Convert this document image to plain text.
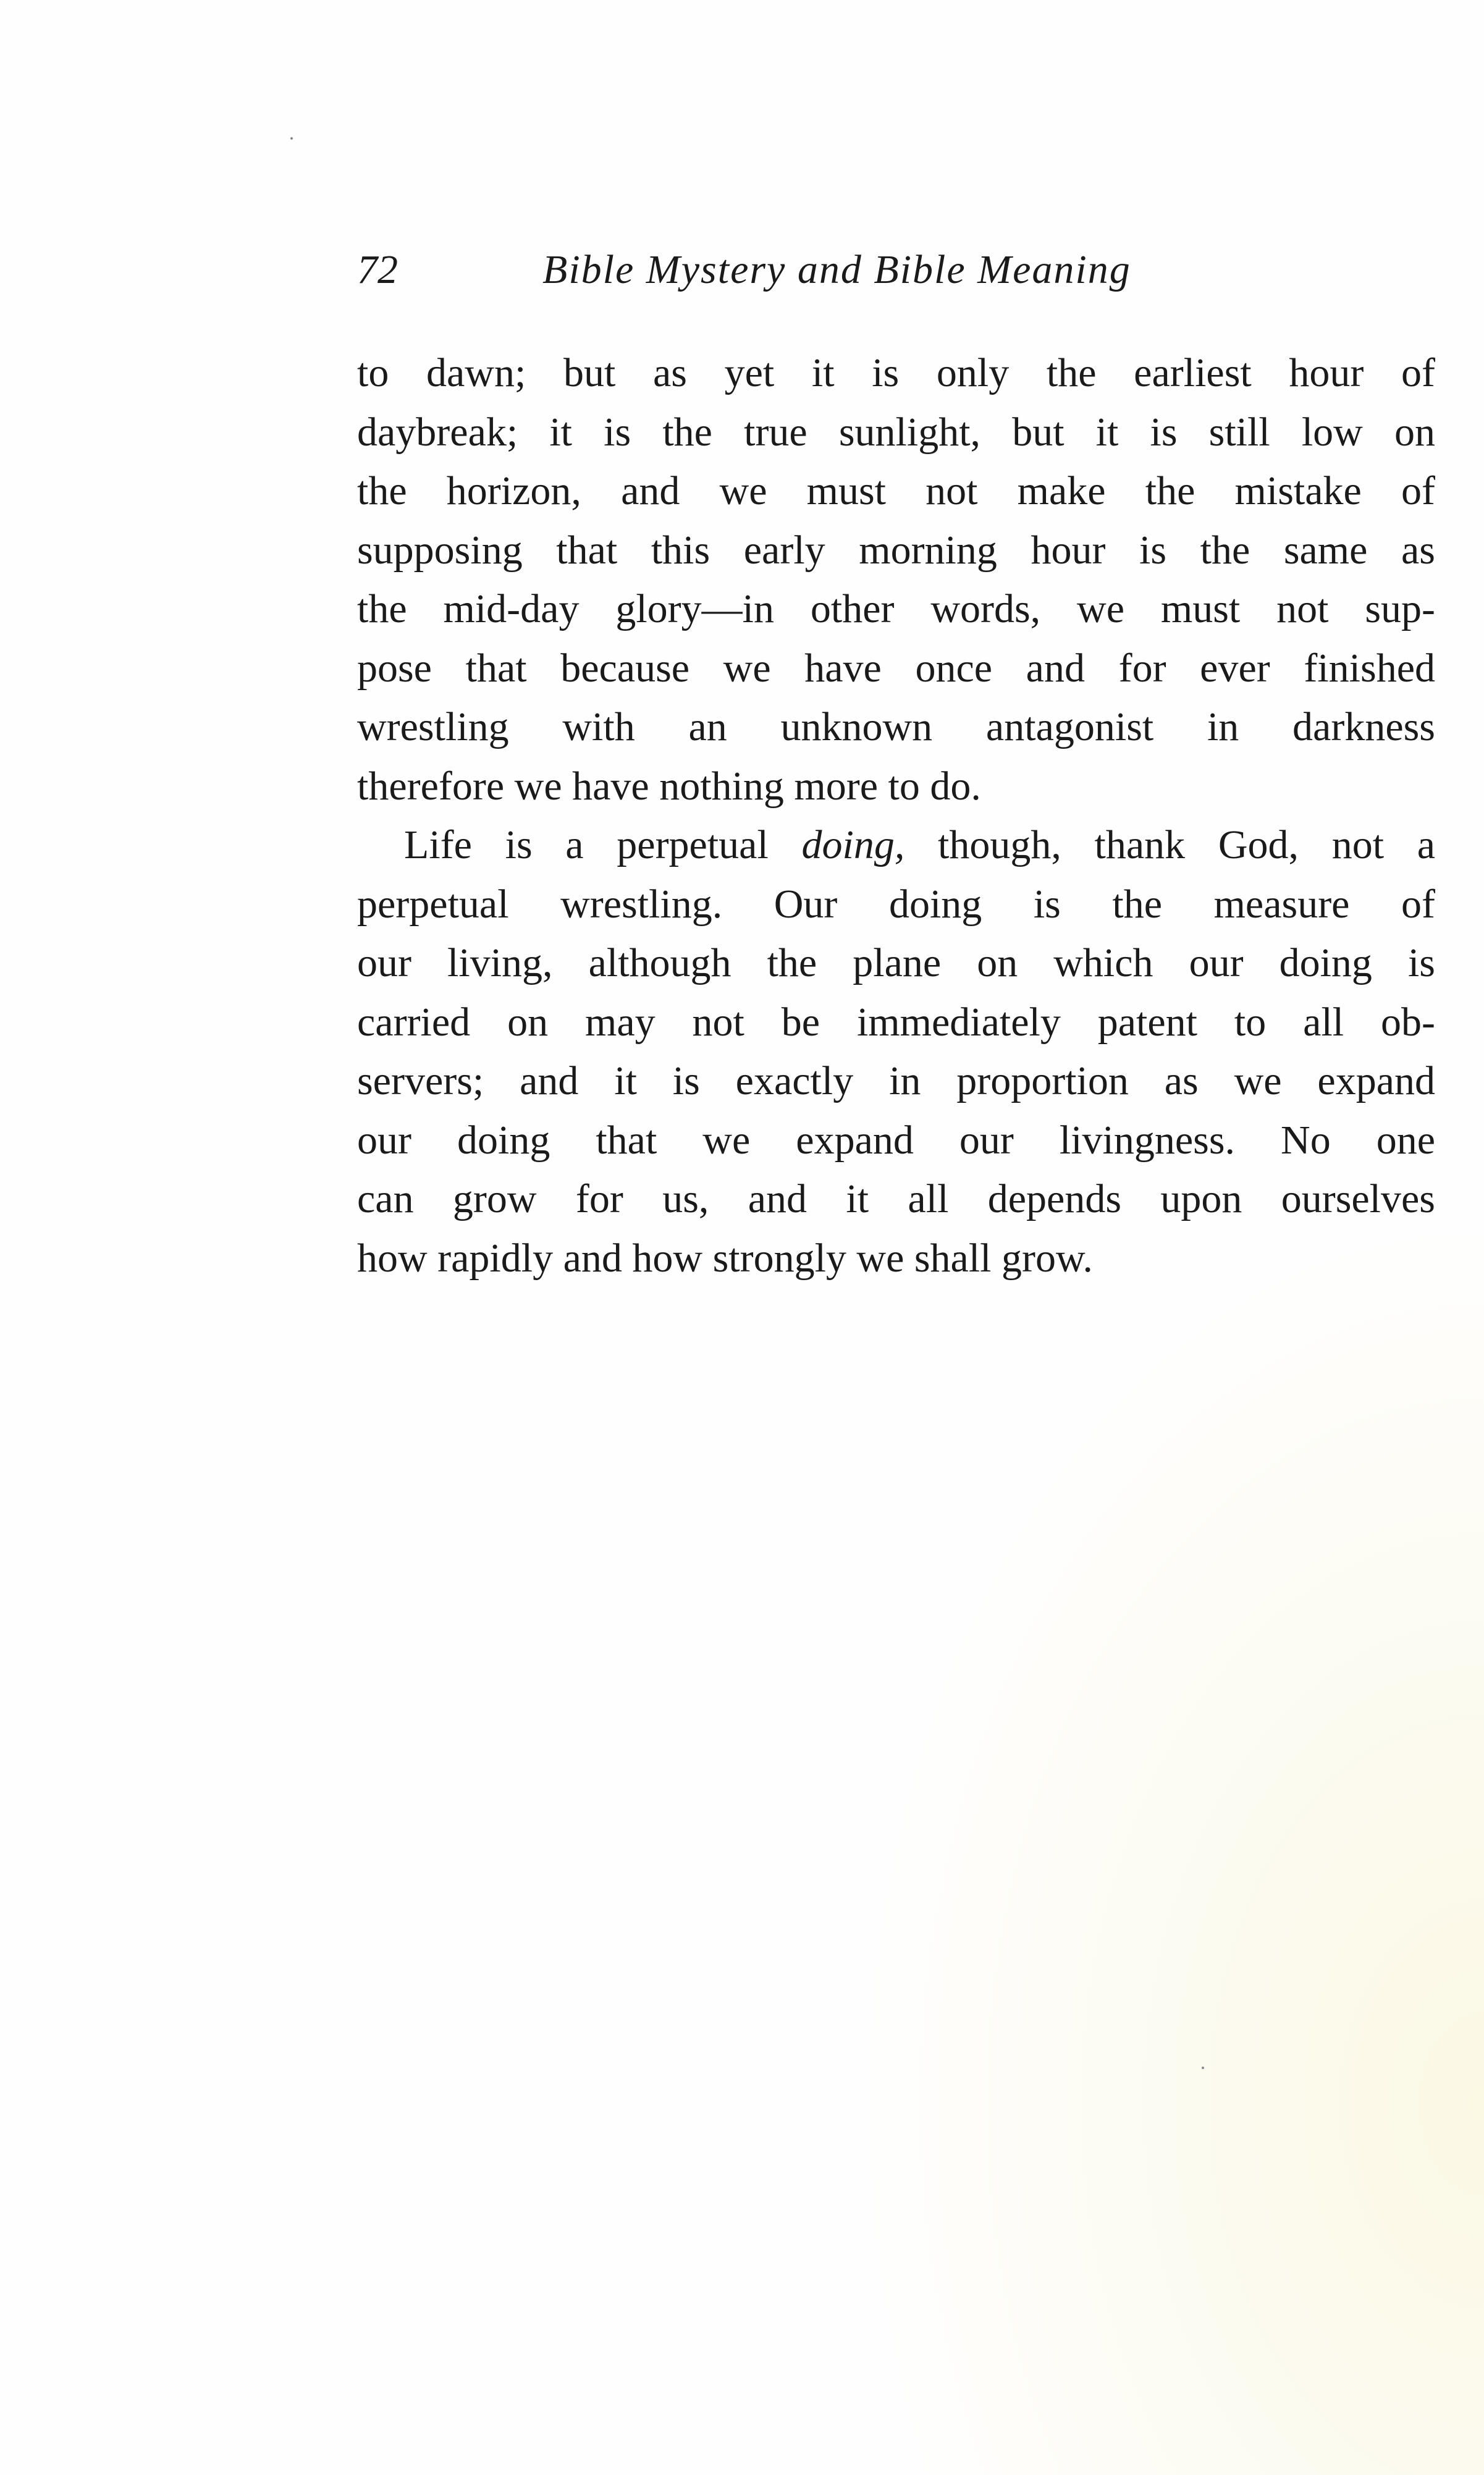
72	Bible Mystery and Bible Meaning
to dawn; but as yet it is only the earliest hour of
daybreak; it is the true sunlight, but it is still low on
the horizon, and we must not make the mistake of
supposing that this early morning hour is the same as
the mid-day glory—in other words, we must not sup-
pose that because we have once and for ever finished
wrestling with an unknown antagonist in darkness
therefore we have nothing more to do.
Life is a perpetual doing, though, thank God, not a
perpetual wrestling. Our doing is the measure of
our living, although the plane on which our doing is
carried on may not be immediately patent to all ob-
servers; and it is exactly in proportion as we expand
our doing that we expand our livingness. No one
can grow for us, and it all depends upon ourselves
how rapidly and how strongly we shall grow.
